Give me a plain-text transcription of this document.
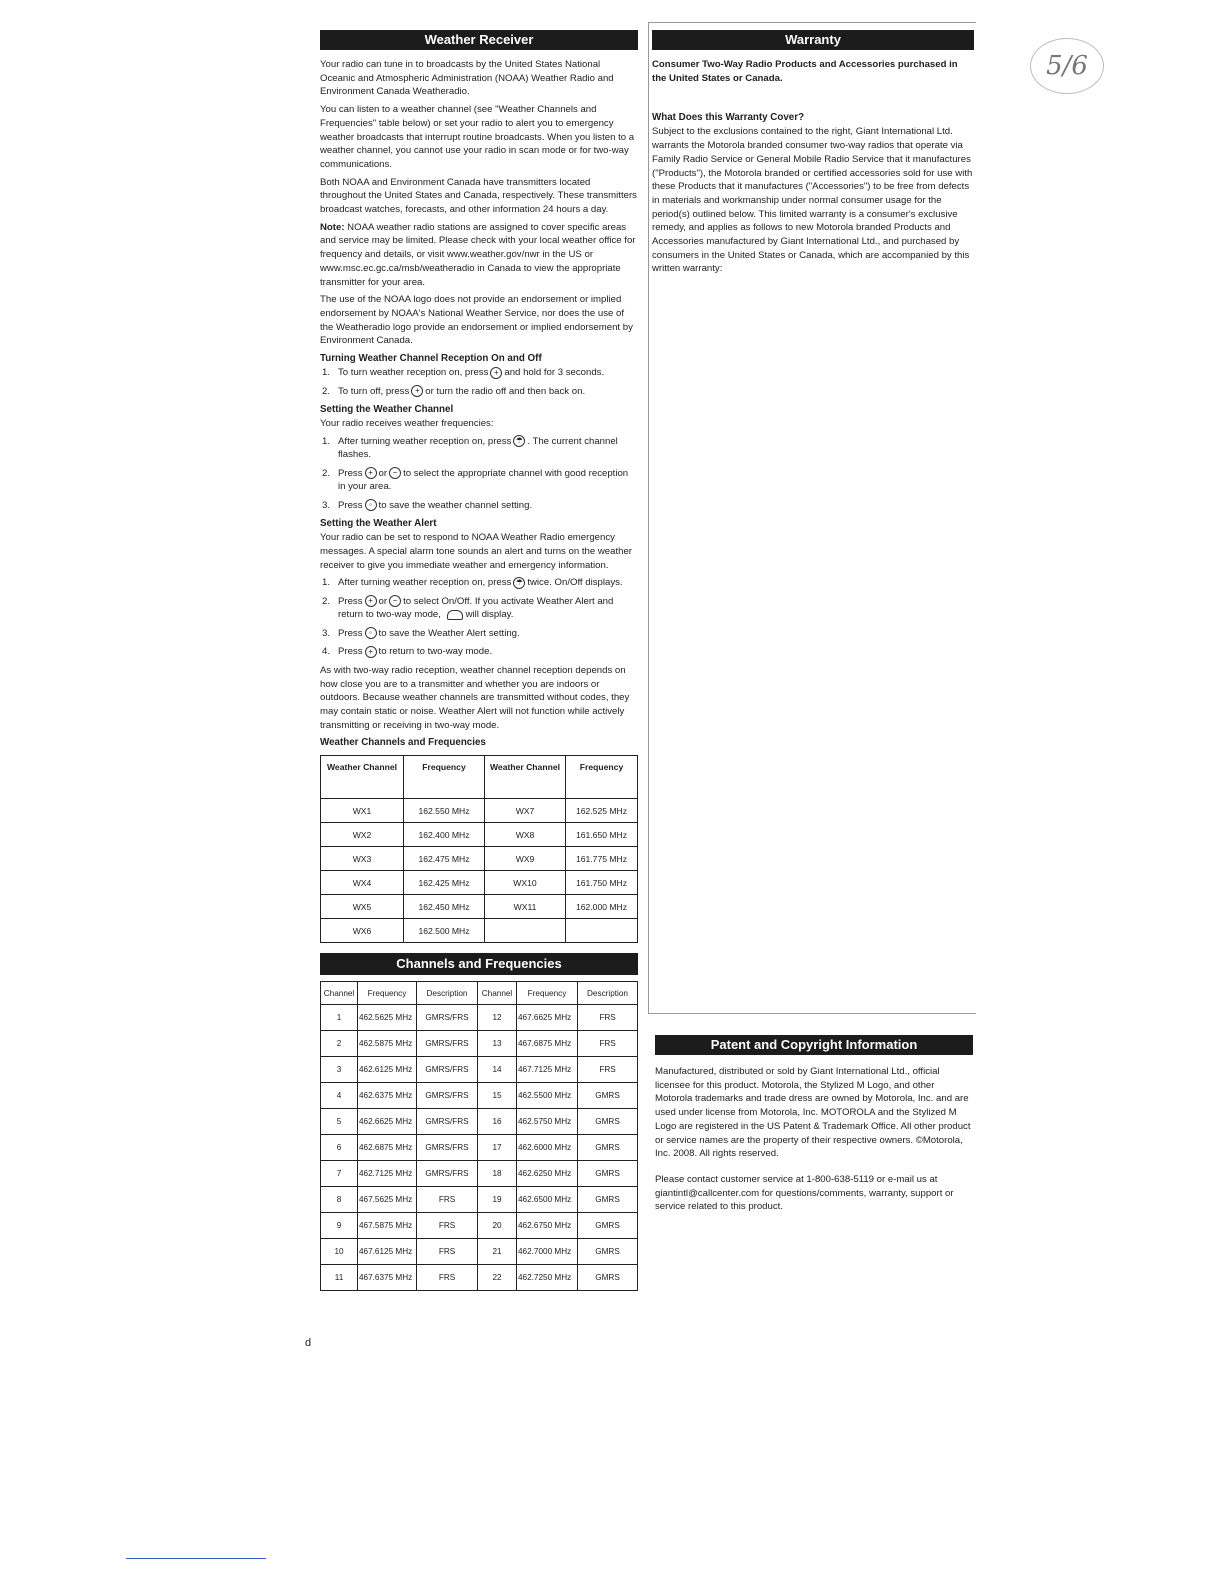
Weather Receiver

Your radio can tune in to broadcasts by the United States National Oceanic and Atmospheric Administration (NOAA) Weather Radio and Environment Canada Weatheradio.

You can listen to a weather channel (see "Weather Channels and Frequencies" table below) or set your radio to alert you to emergency weather broadcasts that interrupt routine broadcasts. When you listen to a weather channel, you cannot use your radio in scan mode or for two-way communications.

Both NOAA and Environment Canada have transmitters located throughout the United States and Canada, respectively. These transmitters broadcast watches, forecasts, and other information 24 hours a day.

Note: NOAA weather radio stations are assigned to cover specific areas and service may be limited. Please check with your local weather office for frequency and details, or visit www.weather.gov/nwr in the US or www.msc.ec.gc.ca/msb/weatheradio in Canada to view the appropriate transmitter for your area.

The use of the NOAA logo does not provide an endorsement or implied endorsement by NOAA's National Weather Service, nor does the use of the Weatheradio logo provide an endorsement or implied endorsement by Environment Canada.

Turning Weather Channel Reception On and Off
1. To turn weather reception on, press + and hold for 3 seconds.
2. To turn off, press + or turn the radio off and then back on.
Setting the Weather Channel
Your radio receives weather frequencies:
1. After turning weather reception on, press ☂ . The current channel flashes.
2. Press + or − to select the appropriate channel with good reception in your area.
3. Press ◦ to save the weather channel setting.
Setting the Weather Alert

Your radio can be set to respond to NOAA Weather Radio emergency messages. A special alarm tone sounds an alert and turns on the weather receiver to give you immediate weather and emergency information.

1. After turning weather reception on, press ☂ twice. On/Off displays.
2. Press + or − to select On/Off. If you activate Weather Alert and return to two-way mode,	will display.
3. Press ◦ to save the Weather Alert setting.
4. Press + to return to two-way mode.

As with two-way radio reception, weather channel reception depends on how close you are to a transmitter and whether you are indoors or outdoors. Because weather channels are transmitted without codes, they may contain static or noise. Weather Alert will not function while actively transmitting or receiving in two-way mode.

Weather Channels and Frequencies
Weather Channel	Frequency	Weather Channel	Frequency
WX1	162.550 MHz	WX7	162.525 MHz
WX2	162.400 MHz	WX8	161.650 MHz
WX3	162.475 MHz	WX9	161.775 MHz
WX4	162.425 MHz	WX10	161.750 MHz
WX5	162.450 MHz	WX11	162.000 MHz
WX6	162.500 MHz		
Channels and Frequencies
Channel	Frequency	Description	Channel	Frequency	Description
1	462.5625 MHz	GMRS/FRS	12	467.6625 MHz	FRS
2	462.5875 MHz	GMRS/FRS	13	467.6875 MHz	FRS
3	462.6125 MHz	GMRS/FRS	14	467.7125 MHz	FRS
4	462.6375 MHz	GMRS/FRS	15	462.5500 MHz	GMRS
5	462.6625 MHz	GMRS/FRS	16	462.5750 MHz	GMRS
6	462.6875 MHz	GMRS/FRS	17	462.6000 MHz	GMRS
7	462.7125 MHz	GMRS/FRS	18	462.6250 MHz	GMRS
8	467.5625 MHz	FRS	19	462.6500 MHz	GMRS
9	467.5875 MHz	FRS	20	462.6750 MHz	GMRS
10	467.6125 MHz	FRS	21	462.7000 MHz	GMRS
11	467.6375 MHz	FRS	22	462.7250 MHz	GMRS
d
Warranty

Consumer Two-Way Radio Products and Accessories purchased in the United States or Canada.

What Does this Warranty Cover?

Subject to the exclusions contained to the right, Giant International Ltd. warrants the Motorola branded consumer two-way radios that operate via Family Radio Service or General Mobile Radio Service that it manufactures ("Products"), the Motorola branded or certified accessories sold for use with these Products that it manufactures ("Accessories") to be free from defects in materials and workmanship under normal consumer usage for the period(s) outlined below. This limited warranty is a consumer's exclusive remedy, and applies as follows to new Motorola branded Products and Accessories manufactured by Giant International Ltd., and purchased by consumers in the United States or Canada, which are accompanied by this written warranty:

Patent and Copyright Information

Manufactured, distributed or sold by Giant International Ltd., official licensee for this product. Motorola, the Stylized M Logo, and other Motorola trademarks and trade dress are owned by Motorola, Inc. and are used under license from Motorola, Inc. MOTOROLA and the Stylized M Logo are registered in the US Patent & Trademark Office. All other product or service names are the property of their respective owners. ©Motorola, Inc. 2008. All rights reserved.

Please contact customer service at 1-800-638-5119 or e-mail us at giantintl@callcenter.com for questions/comments, warranty, support or service related to this product.

5/6
